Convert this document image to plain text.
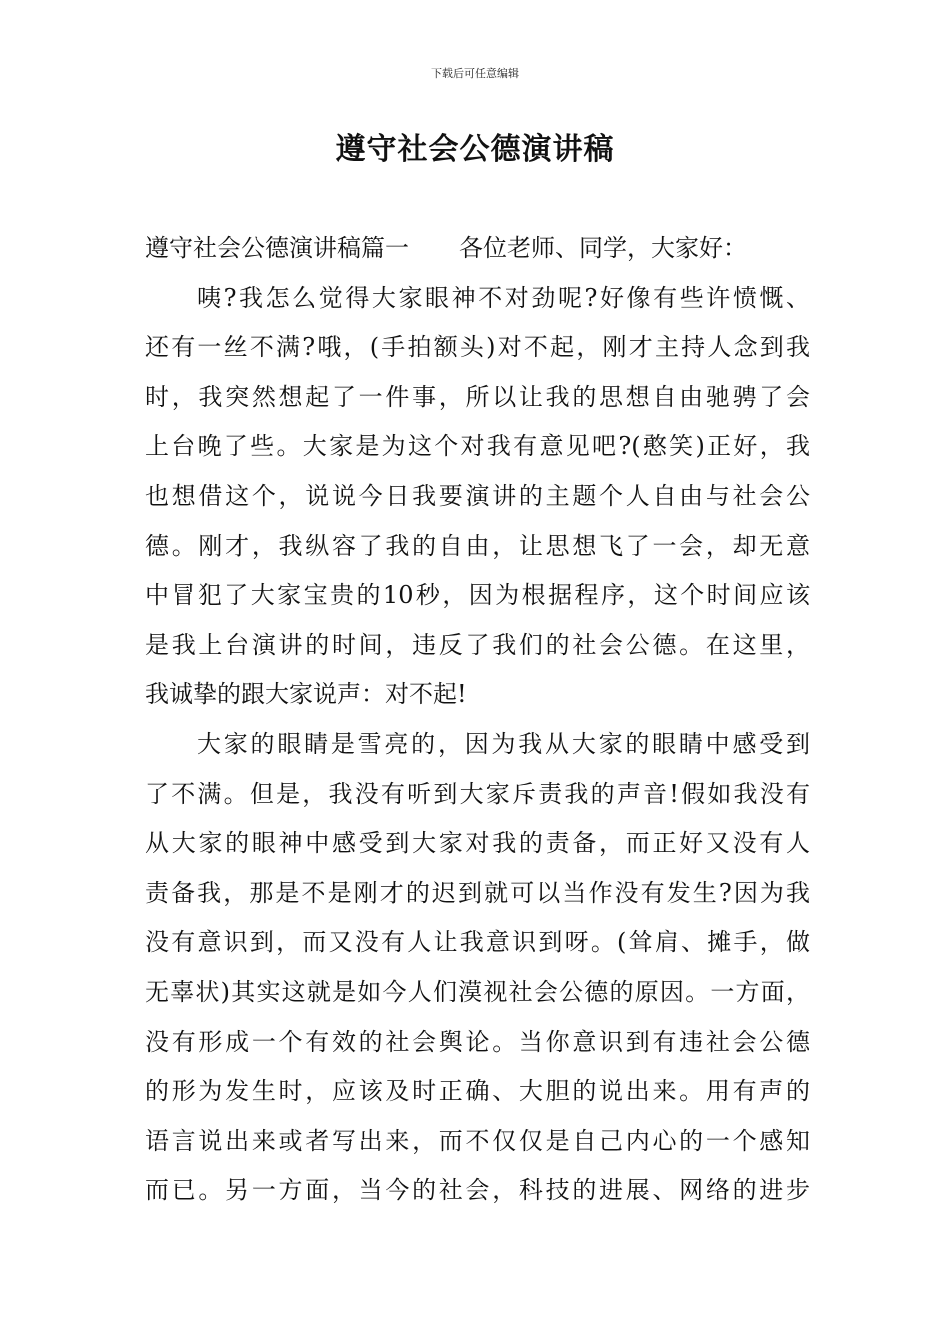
下载后可任意编辑
遵守社会公德演讲稿
遵守社会公德演讲稿篇一 各位老师、同学，大家好：
咦?我怎么觉得大家眼神不对劲呢?好像有些许愤慨、
还有一丝不满?哦，(手拍额头)对不起，刚才主持人念到我
时，我突然想起了一件事，所以让我的思想自由驰骋了会
上台晚了些。大家是为这个对我有意见吧?(憨笑)正好，我
也想借这个，说说今日我要演讲的主题个人自由与社会公
德。刚才，我纵容了我的自由，让思想飞了一会，却无意
中冒犯了大家宝贵的10秒，因为根据程序，这个时间应该
是我上台演讲的时间，违反了我们的社会公德。在这里，
我诚挚的跟大家说声：对不起!
大家的眼睛是雪亮的，因为我从大家的眼睛中感受到
了不满。但是，我没有听到大家斥责我的声音!假如我没有
从大家的眼神中感受到大家对我的责备，而正好又没有人
责备我，那是不是刚才的迟到就可以当作没有发生?因为我
没有意识到，而又没有人让我意识到呀。(耸肩、摊手，做
无辜状)其实这就是如今人们漠视社会公德的原因。一方面，
没有形成一个有效的社会舆论。当你意识到有违社会公德
的形为发生时，应该及时正确、大胆的说出来。用有声的
语言说出来或者写出来，而不仅仅是自己内心的一个感知
而已。另一方面，当今的社会，科技的进展、网络的进步
